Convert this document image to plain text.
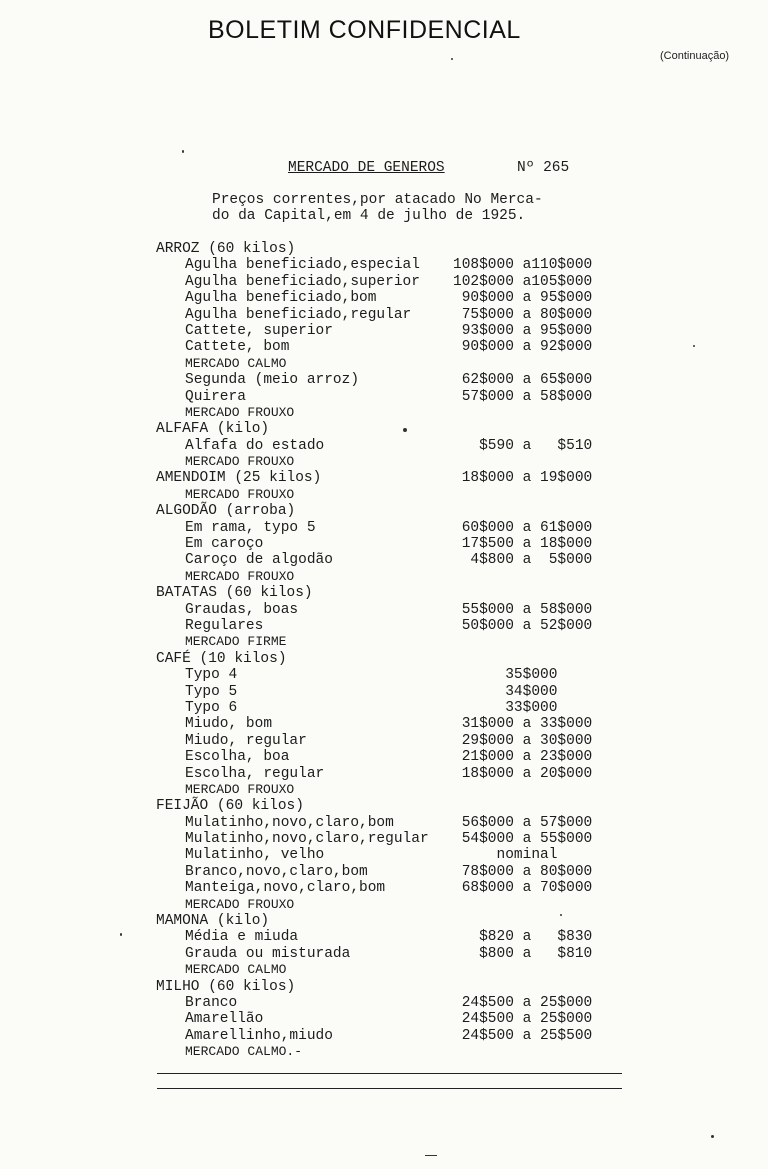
BOLETIM CONFIDENCIAL
(Continuação)
MERCADO DE GENEROS	Nº 265
Preços correntes,por atacado No Merca-
do da Capital,em 4 de julho de 1925.
ARROZ (60 kilos)
Agulha beneficiado,especial 108$000 a110$000
Agulha beneficiado,superior 102$000 a105$000
Agulha beneficiado,bom	90$000 a 95$000
Agulha beneficiado,regular	75$000 a 80$000
Cattete, superior	93$000 a 95$000
Cattete, bom	90$000 a 92$000
MERCADO CALMO
Segunda (meio arroz)	62$000 a 65$000
Quirera	57$000 a 58$000
MERCADO FROUXO
ALFAFA (kilo)
Alfafa do estado	$590 a   $510
MERCADO FROUXO
AMENDOIM (25 kilos)	18$000 a 19$000
MERCADO FROUXO
ALGODÃO (arroba)
Em rama, typo 5	60$000 a 61$000
Em caroço	17$500 a 18$000
Caroço de algodão	4$800 a  5$000
MERCADO FROUXO
BATATAS (60 kilos)
Graudas, boas	55$000 a 58$000
Regulares	50$000 a 52$000
MERCADO FIRME
CAFÉ (10 kilos)
Typo 4	35$000
Typo 5	34$000
Typo 6	33$000
Miudo, bom	31$000 a 33$000
Miudo, regular	29$000 a 30$000
Escolha, boa	21$000 a 23$000
Escolha, regular	18$000 a 20$000
MERCADO FROUXO
FEIJÃO (60 kilos)
Mulatinho,novo,claro,bom	56$000 a 57$000
Mulatinho,novo,claro,regular 54$000 a 55$000
Mulatinho, velho	nominal
Branco,novo,claro,bom	78$000 a 80$000
Manteiga,novo,claro,bom	68$000 a 70$000
MERCADO FROUXO
MAMONA (kilo)
Média e miuda	$820 a   $830
Grauda ou misturada	$800 a   $810
MERCADO CALMO
MILHO (60 kilos)
Branco	24$500 a 25$000
Amarellão	24$500 a 25$000
Amarellinho,miudo	24$500 a 25$500
MERCADO CALMO.-
